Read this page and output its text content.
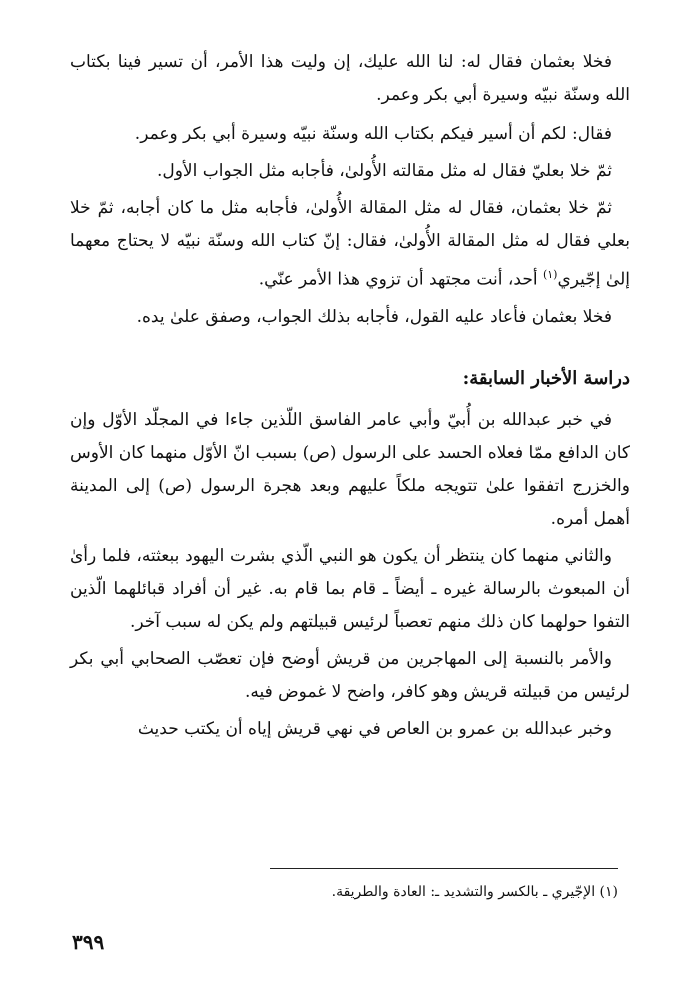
فخلا بعثمان فقال له: لنا الله عليك، إن وليت هذا الأمر، أن تسير فينا بكتاب الله وسنّة نبيّه وسيرة أبي بكر وعمر.

فقال: لكم أن أسير فيكم بكتاب الله وسنّة نبيّه وسيرة أبي بكر وعمر.

ثمّ خلا بعليّ فقال له مثل مقالته الأُولىٰ، فأجابه مثل الجواب الأول.

ثمّ خلا بعثمان، فقال له مثل المقالة الأُولىٰ، فأجابه مثل ما كان أجابه، ثمّ خلا بعلي فقال له مثل المقالة الأُولىٰ، فقال: إنّ كتاب الله وسنّة نبيّه لا يحتاج معهما إلىٰ إجّيري$^{(١)}$ أحد، أنت مجتهد أن تزوي هذا الأمر عنّي.

فخلا بعثمان فأعاد عليه القول، فأجابه بذلك الجواب، وصفق علىٰ يده.

دراسة الأخبار السابقة:

في خبر عبدالله بن أُبيّ وأبي عامر الفاسق اللّذين جاءا في المجلّد الأوّل وإن كان الدافع ممّا فعلاه الحسد على الرسول (ص) بسبب انّ الأوّل منهما كان الأوس والخزرج اتفقوا علىٰ تتويجه ملكاً عليهم وبعد هجرة الرسول (ص) إلى المدينة أهمل أمره.

والثاني منهما كان ينتظر أن يكون هو النبي الّذي بشرت اليهود ببعثته، فلما رأىٰ أن المبعوث بالرسالة غيره ـ أيضاً ـ قام بما قام به. غير أن أفراد قبائلهما الّذين التفوا حولهما كان ذلك منهم تعصباً لرئيس قبيلتهم ولم يكن له سبب آخر.

والأمر بالنسبة إلى المهاجرين من قريش أوضح فإن تعصّب الصحابي أبي بكر لرئيس من قبيلته قريش وهو كافر، واضح لا غموض فيه.

وخبر عبدالله بن عمرو بن العاص في نهي قريش إياه أن يكتب حديث

(١) الإجّيري ـ بالكسر والتشديد ـ: العادة والطريقة.
٣٩٩
